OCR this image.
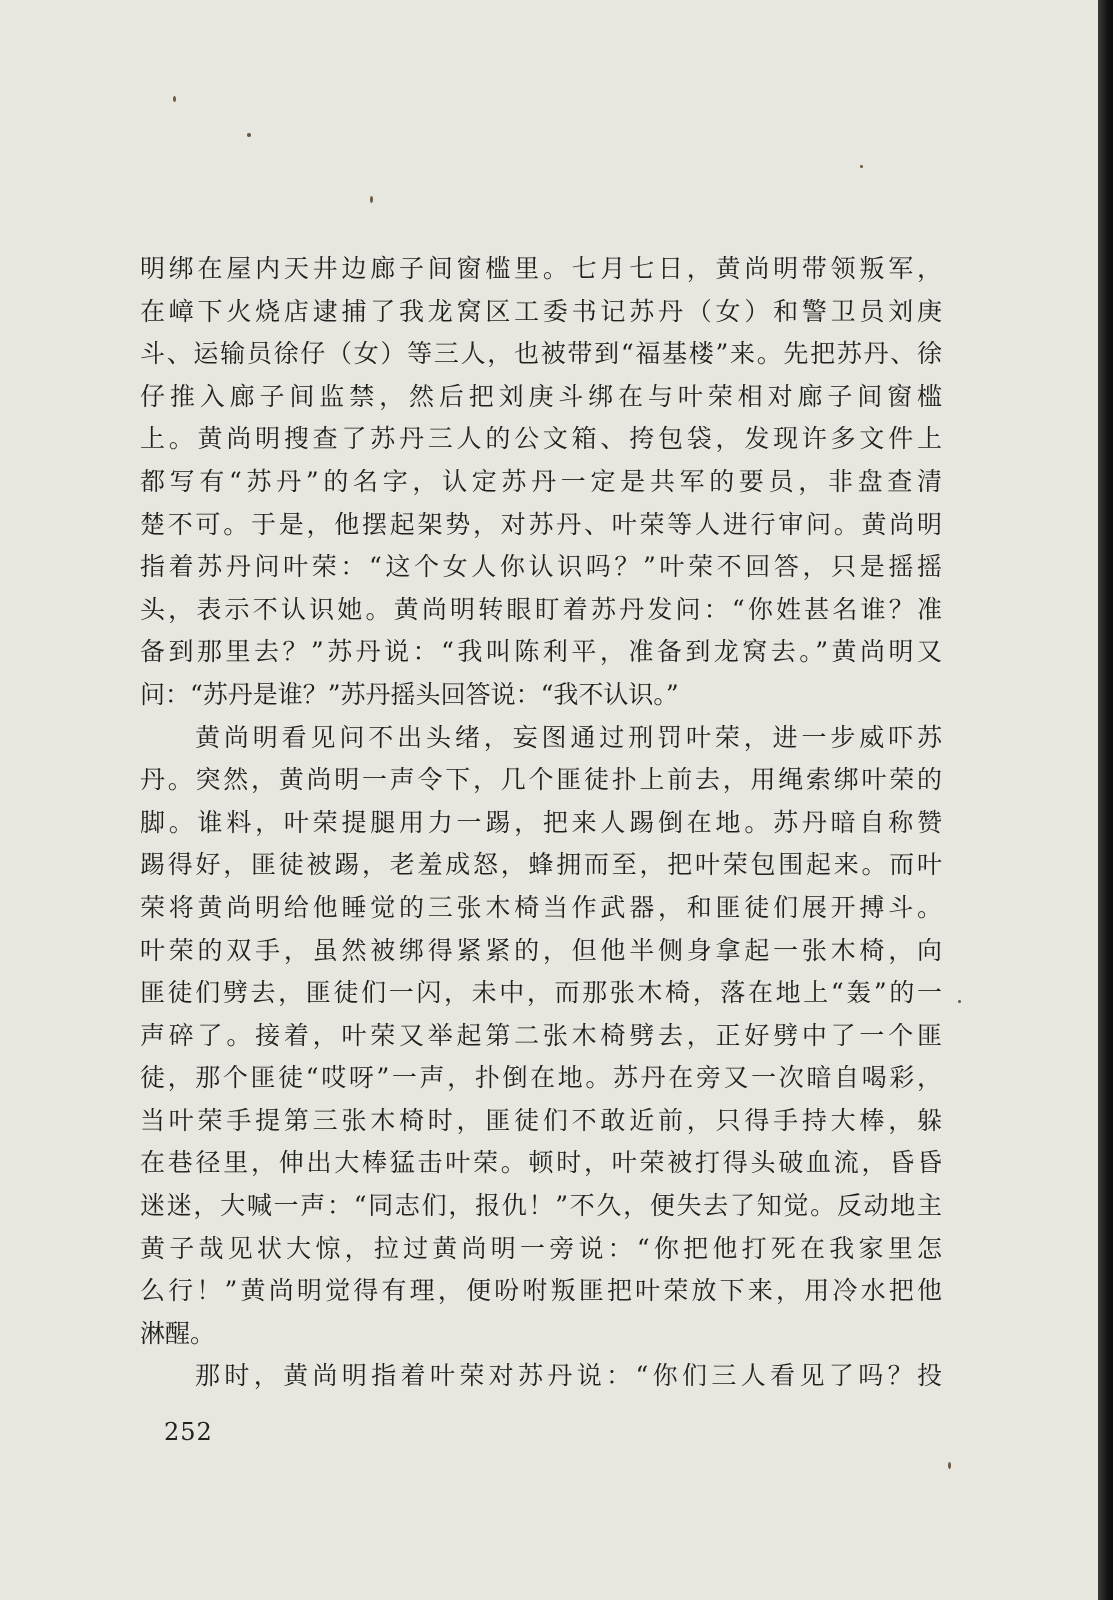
明绑在屋内天井边廊子间窗槛里。七月七日，黄尚明带领叛军，
在嶂下火烧店逮捕了我龙窝区工委书记苏丹（女）和警卫员刘庚
斗、运输员徐仔（女）等三人，也被带到“福基楼”来。先把苏丹、徐
仔推入廊子间监禁，然后把刘庚斗绑在与叶荣相对廊子间窗槛
上。黄尚明搜查了苏丹三人的公文箱、挎包袋，发现许多文件上
都写有“苏丹”的名字，认定苏丹一定是共军的要员，非盘查清
楚不可。于是，他摆起架势，对苏丹、叶荣等人进行审问。黄尚明
指着苏丹问叶荣：“这个女人你认识吗？”叶荣不回答，只是摇摇
头，表示不认识她。黄尚明转眼盯着苏丹发问：“你姓甚名谁？准
备到那里去？”苏丹说：“我叫陈利平，准备到龙窝去。”黄尚明又
问：“苏丹是谁？”苏丹摇头回答说：“我不认识。”
黄尚明看见问不出头绪，妄图通过刑罚叶荣，进一步威吓苏
丹。突然，黄尚明一声令下，几个匪徒扑上前去，用绳索绑叶荣的
脚。谁料，叶荣提腿用力一踢，把来人踢倒在地。苏丹暗自称赞
踢得好，匪徒被踢，老羞成怒，蜂拥而至，把叶荣包围起来。而叶
荣将黄尚明给他睡觉的三张木椅当作武器，和匪徒们展开搏斗。
叶荣的双手，虽然被绑得紧紧的，但他半侧身拿起一张木椅，向
匪徒们劈去，匪徒们一闪，未中，而那张木椅，落在地上“轰”的一
声碎了。接着，叶荣又举起第二张木椅劈去，正好劈中了一个匪
徒，那个匪徒“哎呀”一声，扑倒在地。苏丹在旁又一次暗自喝彩，
当叶荣手提第三张木椅时，匪徒们不敢近前，只得手持大棒，躲
在巷径里，伸出大棒猛击叶荣。顿时，叶荣被打得头破血流，昏昏
迷迷，大喊一声：“同志们，报仇！”不久，便失去了知觉。反动地主
黄子哉见状大惊，拉过黄尚明一旁说：“你把他打死在我家里怎
么行！”黄尚明觉得有理，便吩咐叛匪把叶荣放下来，用冷水把他
淋醒。
那时，黄尚明指着叶荣对苏丹说：“你们三人看见了吗？投
252
